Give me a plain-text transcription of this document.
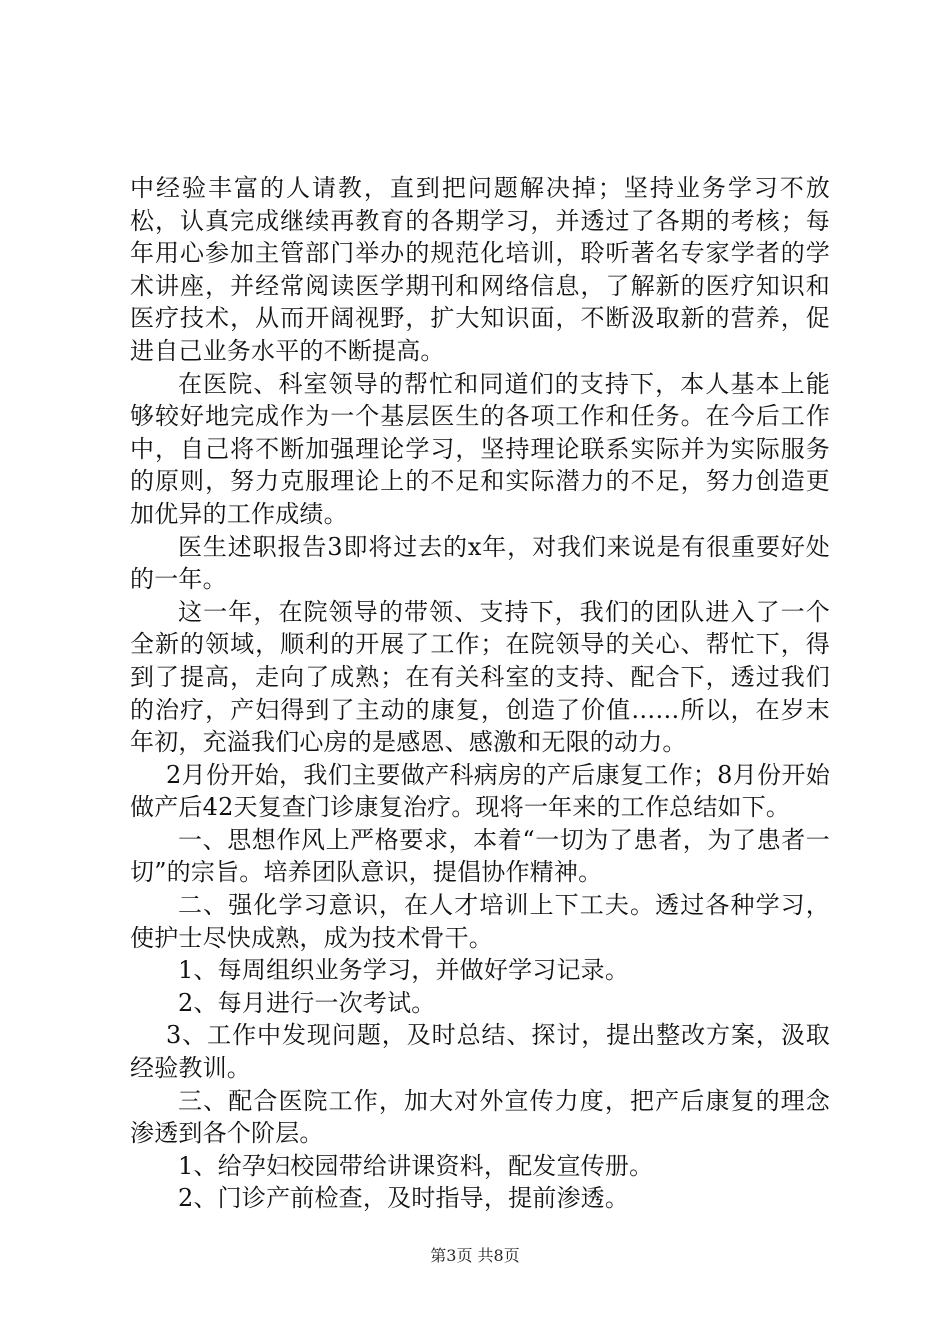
中经验丰富的人请教，直到把问题解决掉；坚持业务学习不放松，认真完成继续再教育的各期学习，并透过了各期的考核；每年用心参加主管部门举办的规范化培训，聆听著名专家学者的学术讲座，并经常阅读医学期刊和网络信息，了解新的医疗知识和医疗技术，从而开阔视野，扩大知识面，不断汲取新的营养，促进自己业务水平的不断提高。

在医院、科室领导的帮忙和同道们的支持下，本人基本上能够较好地完成作为一个基层医生的各项工作和任务。在今后工作中，自己将不断加强理论学习，坚持理论联系实际并为实际服务的原则，努力克服理论上的不足和实际潜力的不足，努力创造更加优异的工作成绩。

医生述职报告3即将过去的x年，对我们来说是有很重要好处的一年。

这一年，在院领导的带领、支持下，我们的团队进入了一个全新的领域，顺利的开展了工作；在院领导的关心、帮忙下，得到了提高，走向了成熟；在有关科室的支持、配合下，透过我们的治疗，产妇得到了主动的康复，创造了价值……所以，在岁末年初，充溢我们心房的是感恩、感激和无限的动力。

2月份开始，我们主要做产科病房的产后康复工作；8月份开始做产后42天复查门诊康复治疗。现将一年来的工作总结如下。

一、思想作风上严格要求，本着“一切为了患者，为了患者一切”的宗旨。培养团队意识，提倡协作精神。

二、强化学习意识，在人才培训上下工夫。透过各种学习，使护士尽快成熟，成为技术骨干。

1、每周组织业务学习，并做好学习记录。

2、每月进行一次考试。

3、工作中发现问题，及时总结、探讨，提出整改方案，汲取经验教训。

三、配合医院工作，加大对外宣传力度，把产后康复的理念渗透到各个阶层。

1、给孕妇校园带给讲课资料，配发宣传册。

2、门诊产前检查，及时指导，提前渗透。

第3页 共8页
